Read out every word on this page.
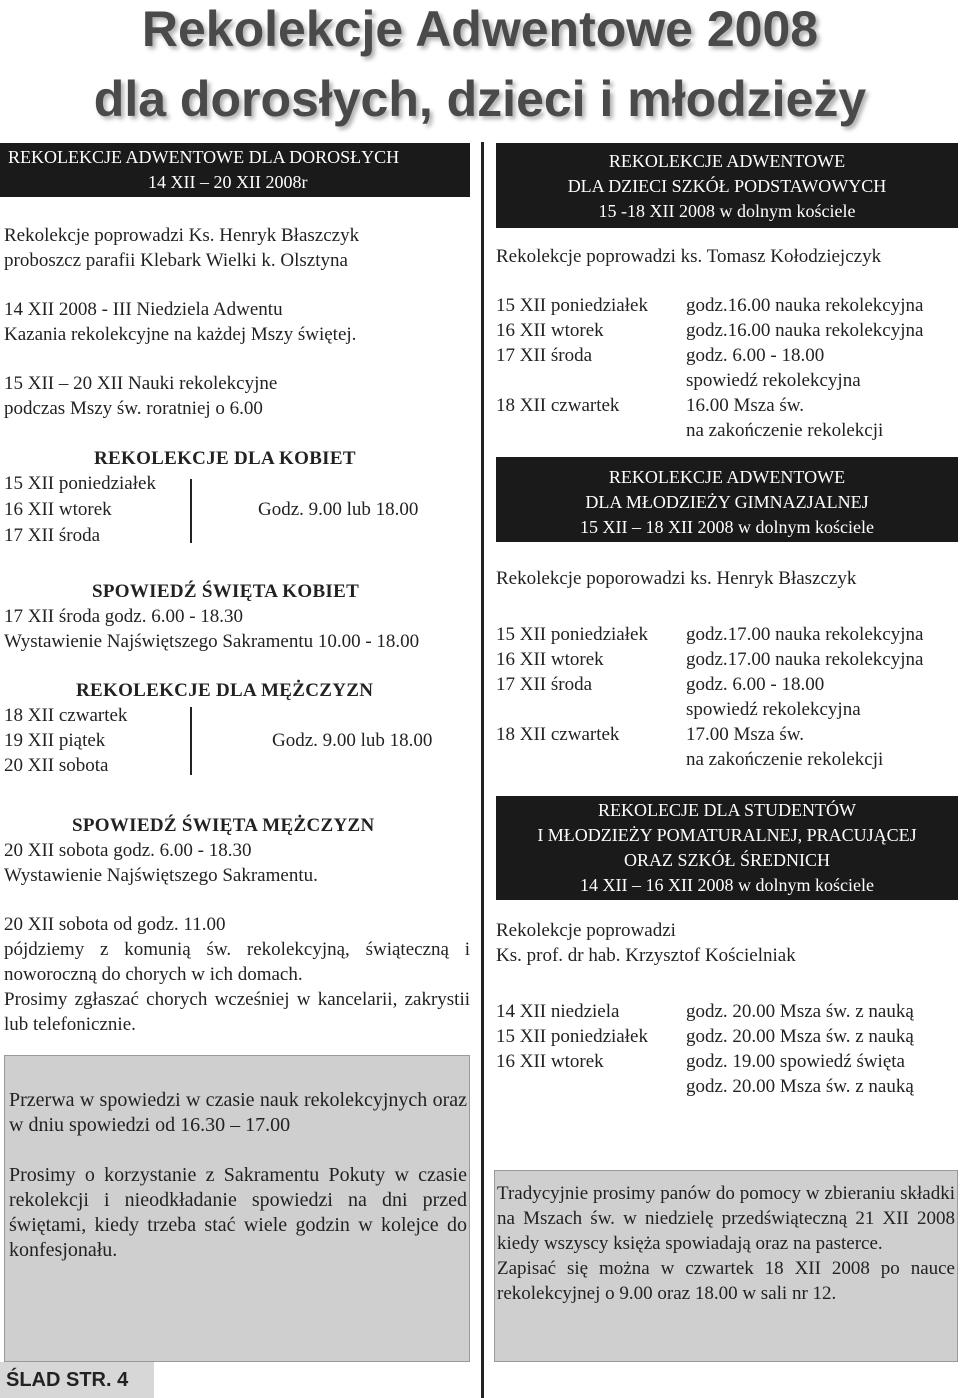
Rekolekcje Adwentowe 2008
dla dorosłych, dzieci i młodzieży
REKOLEKCJE ADWENTOWE DLA DOROSŁYCH
14 XII – 20 XII 2008r
Rekolekcje poprowadzi Ks. Henryk Błaszczyk
proboszcz parafii Klebark Wielki k. Olsztyna
14 XII 2008 - III Niedziela Adwentu
Kazania rekolekcyjne na każdej Mszy świętej.
15 XII – 20 XII Nauki rekolekcyjne
podczas Mszy św. roratniej o 6.00
REKOLEKCJE DLA KOBIET
15 XII poniedziałek
16 XII wtorek
17 XII środa
Godz. 9.00 lub 18.00
SPOWIEDŹ ŚWIĘTA KOBIET
17 XII środa godz. 6.00 - 18.30
Wystawienie Najświętszego Sakramentu 10.00 - 18.00
REKOLEKCJE DLA MĘŻCZYZN
18 XII czwartek
19 XII piątek
20 XII sobota
Godz. 9.00 lub 18.00
SPOWIEDŹ ŚWIĘTA MĘŻCZYZN
20 XII sobota godz. 6.00 - 18.30
Wystawienie Najświętszego Sakramentu.
20 XII sobota od godz. 11.00
pójdziemy z komunią św. rekolekcyjną, świąteczną i noworoczną do chorych w ich domach.
Prosimy zgłaszać chorych wcześniej w kancelarii, zakrystii lub telefonicznie.
Przerwa w spowiedzi w czasie nauk rekolekcyjnych oraz w dniu spowiedzi od 16.30 – 17.00
Prosimy o korzystanie z Sakramentu Pokuty w czasie rekolekcji i nieodkładanie spowiedzi na dni przed świętami, kiedy trzeba stać wiele godzin w kolejce do konfesjonału.
REKOLEKCJE ADWENTOWE
DLA DZIECI SZKÓŁ PODSTAWOWYCH
15 -18 XII 2008 w dolnym kościele
Rekolekcje poprowadzi ks. Tomasz Kołodziejczyk
15 XII poniedziałek	godz.16.00 nauka rekolekcyjna
16 XII wtorek	godz.16.00 nauka rekolekcyjna
17 XII środa	godz. 6.00 - 18.00
spowiedź rekolekcyjna
18 XII czwartek	16.00 Msza św.
na zakończenie rekolekcji
REKOLEKCJE ADWENTOWE
DLA MŁODZIEŻY GIMNAZJALNEJ
15 XII – 18 XII 2008 w dolnym kościele
Rekolekcje poporowadzi ks. Henryk Błaszczyk
15 XII poniedziałek	godz.17.00 nauka rekolekcyjna
16 XII wtorek	godz.17.00 nauka rekolekcyjna
17 XII środa	godz. 6.00 - 18.00
spowiedź rekolekcyjna
18 XII czwartek	17.00 Msza św.
na zakończenie rekolekcji
REKOLECJE DLA STUDENTÓW
I MŁODZIEŻY POMATURALNEJ, PRACUJĄCEJ
ORAZ SZKÓŁ ŚREDNICH
14 XII – 16 XII 2008 w dolnym kościele
Rekolekcje poprowadzi
Ks. prof. dr hab. Krzysztof Kościelniak
14 XII niedziela	godz. 20.00 Msza św. z nauką
15 XII poniedziałek	godz. 20.00 Msza św. z nauką
16 XII wtorek	godz. 19.00 spowiedź święta
godz. 20.00 Msza św. z nauką
Tradycyjnie prosimy panów do pomocy w zbieraniu składki na Mszach św. w niedzielę przedświąteczną 21 XII 2008 kiedy wszyscy księża spowiadają oraz na pasterce.
Zapisać się można w czwartek 18 XII 2008 po nauce rekolekcyjnej o 9.00 oraz 18.00 w sali nr 12.
ŚLAD STR. 4
